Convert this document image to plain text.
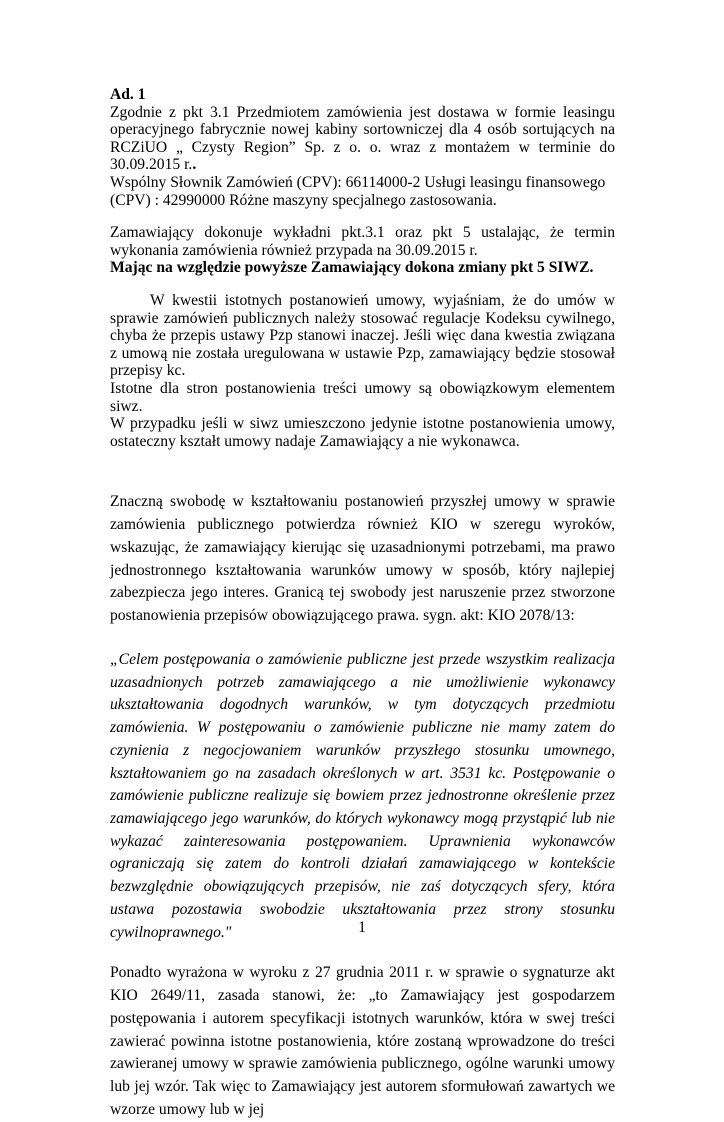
Ad. 1

Zgodnie z pkt 3.1 Przedmiotem zamówienia jest dostawa w formie leasingu operacyjnego fabrycznie nowej kabiny sortowniczej dla 4 osób sortujących na RCZiUO „ Czysty Region” Sp. z o. o. wraz z montażem w terminie do 30.09.2015 r..
Wspólny Słownik Zamówień (CPV): 66114000-2 Usługi leasingu finansowego
(CPV) : 42990000 Różne maszyny specjalnego zastosowania.

Zamawiający dokonuje wykładni pkt.3.1 oraz pkt 5 ustalając, że termin wykonania zamówienia również przypada na 30.09.2015 r.
Mając na względzie powyższe Zamawiający dokona zmiany pkt 5 SIWZ.

W kwestii istotnych postanowień umowy, wyjaśniam, że do umów w sprawie zamówień publicznych należy stosować regulacje Kodeksu cywilnego, chyba że przepis ustawy Pzp stanowi inaczej. Jeśli więc dana kwestia związana z umową nie została uregulowana w ustawie Pzp, zamawiający będzie stosował przepisy kc.
Istotne dla stron postanowienia treści umowy są obowiązkowym elementem siwz.
W przypadku jeśli w siwz umieszczono jedynie istotne postanowienia umowy, ostateczny kształt umowy nadaje Zamawiający a nie wykonawca.

Znaczną swobodę w kształtowaniu postanowień przyszłej umowy w sprawie zamówienia publicznego potwierdza również KIO w szeregu wyroków, wskazując, że zamawiający kierując się uzasadnionymi potrzebami, ma prawo jednostronnego kształtowania warunków umowy w sposób, który najlepiej zabezpiecza jego interes. Granicą tej swobody jest naruszenie przez stworzone postanowienia przepisów obowiązującego prawa. sygn. akt: KIO 2078/13:

„Celem postępowania o zamówienie publiczne jest przede wszystkim realizacja uzasadnionych potrzeb zamawiającego a nie umożliwienie wykonawcy ukształtowania dogodnych warunków, w tym dotyczących przedmiotu zamówienia. W postępowaniu o zamówienie publiczne nie mamy zatem do czynienia z negocjowaniem warunków przyszłego stosunku umownego, kształtowaniem go na zasadach określonych w art. 3531 kc. Postępowanie o zamówienie publiczne realizuje się bowiem przez jednostronne określenie przez zamawiającego jego warunków, do których wykonawcy mogą przystąpić lub nie wykazać zainteresowania postępowaniem. Uprawnienia wykonawców ograniczają się zatem do kontroli działań zamawiającego w kontekście bezwzględnie obowiązujących przepisów, nie zaś dotyczących sfery, która ustawa pozostawia swobodzie ukształtowania przez strony stosunku cywilnoprawnego."

Ponadto wyrażona w wyroku z 27 grudnia 2011 r. w sprawie o sygnaturze akt KIO 2649/11, zasada stanowi, że: „to Zamawiający jest gospodarzem postępowania i autorem specyfikacji istotnych warunków, która w swej treści zawierać powinna istotne postanowienia, które zostaną wprowadzone do treści zawieranej umowy w sprawie zamówienia publicznego, ogólne warunki umowy lub jej wzór. Tak więc to Zamawiający jest autorem sformułowań zawartych we wzorze umowy lub w jej

1
